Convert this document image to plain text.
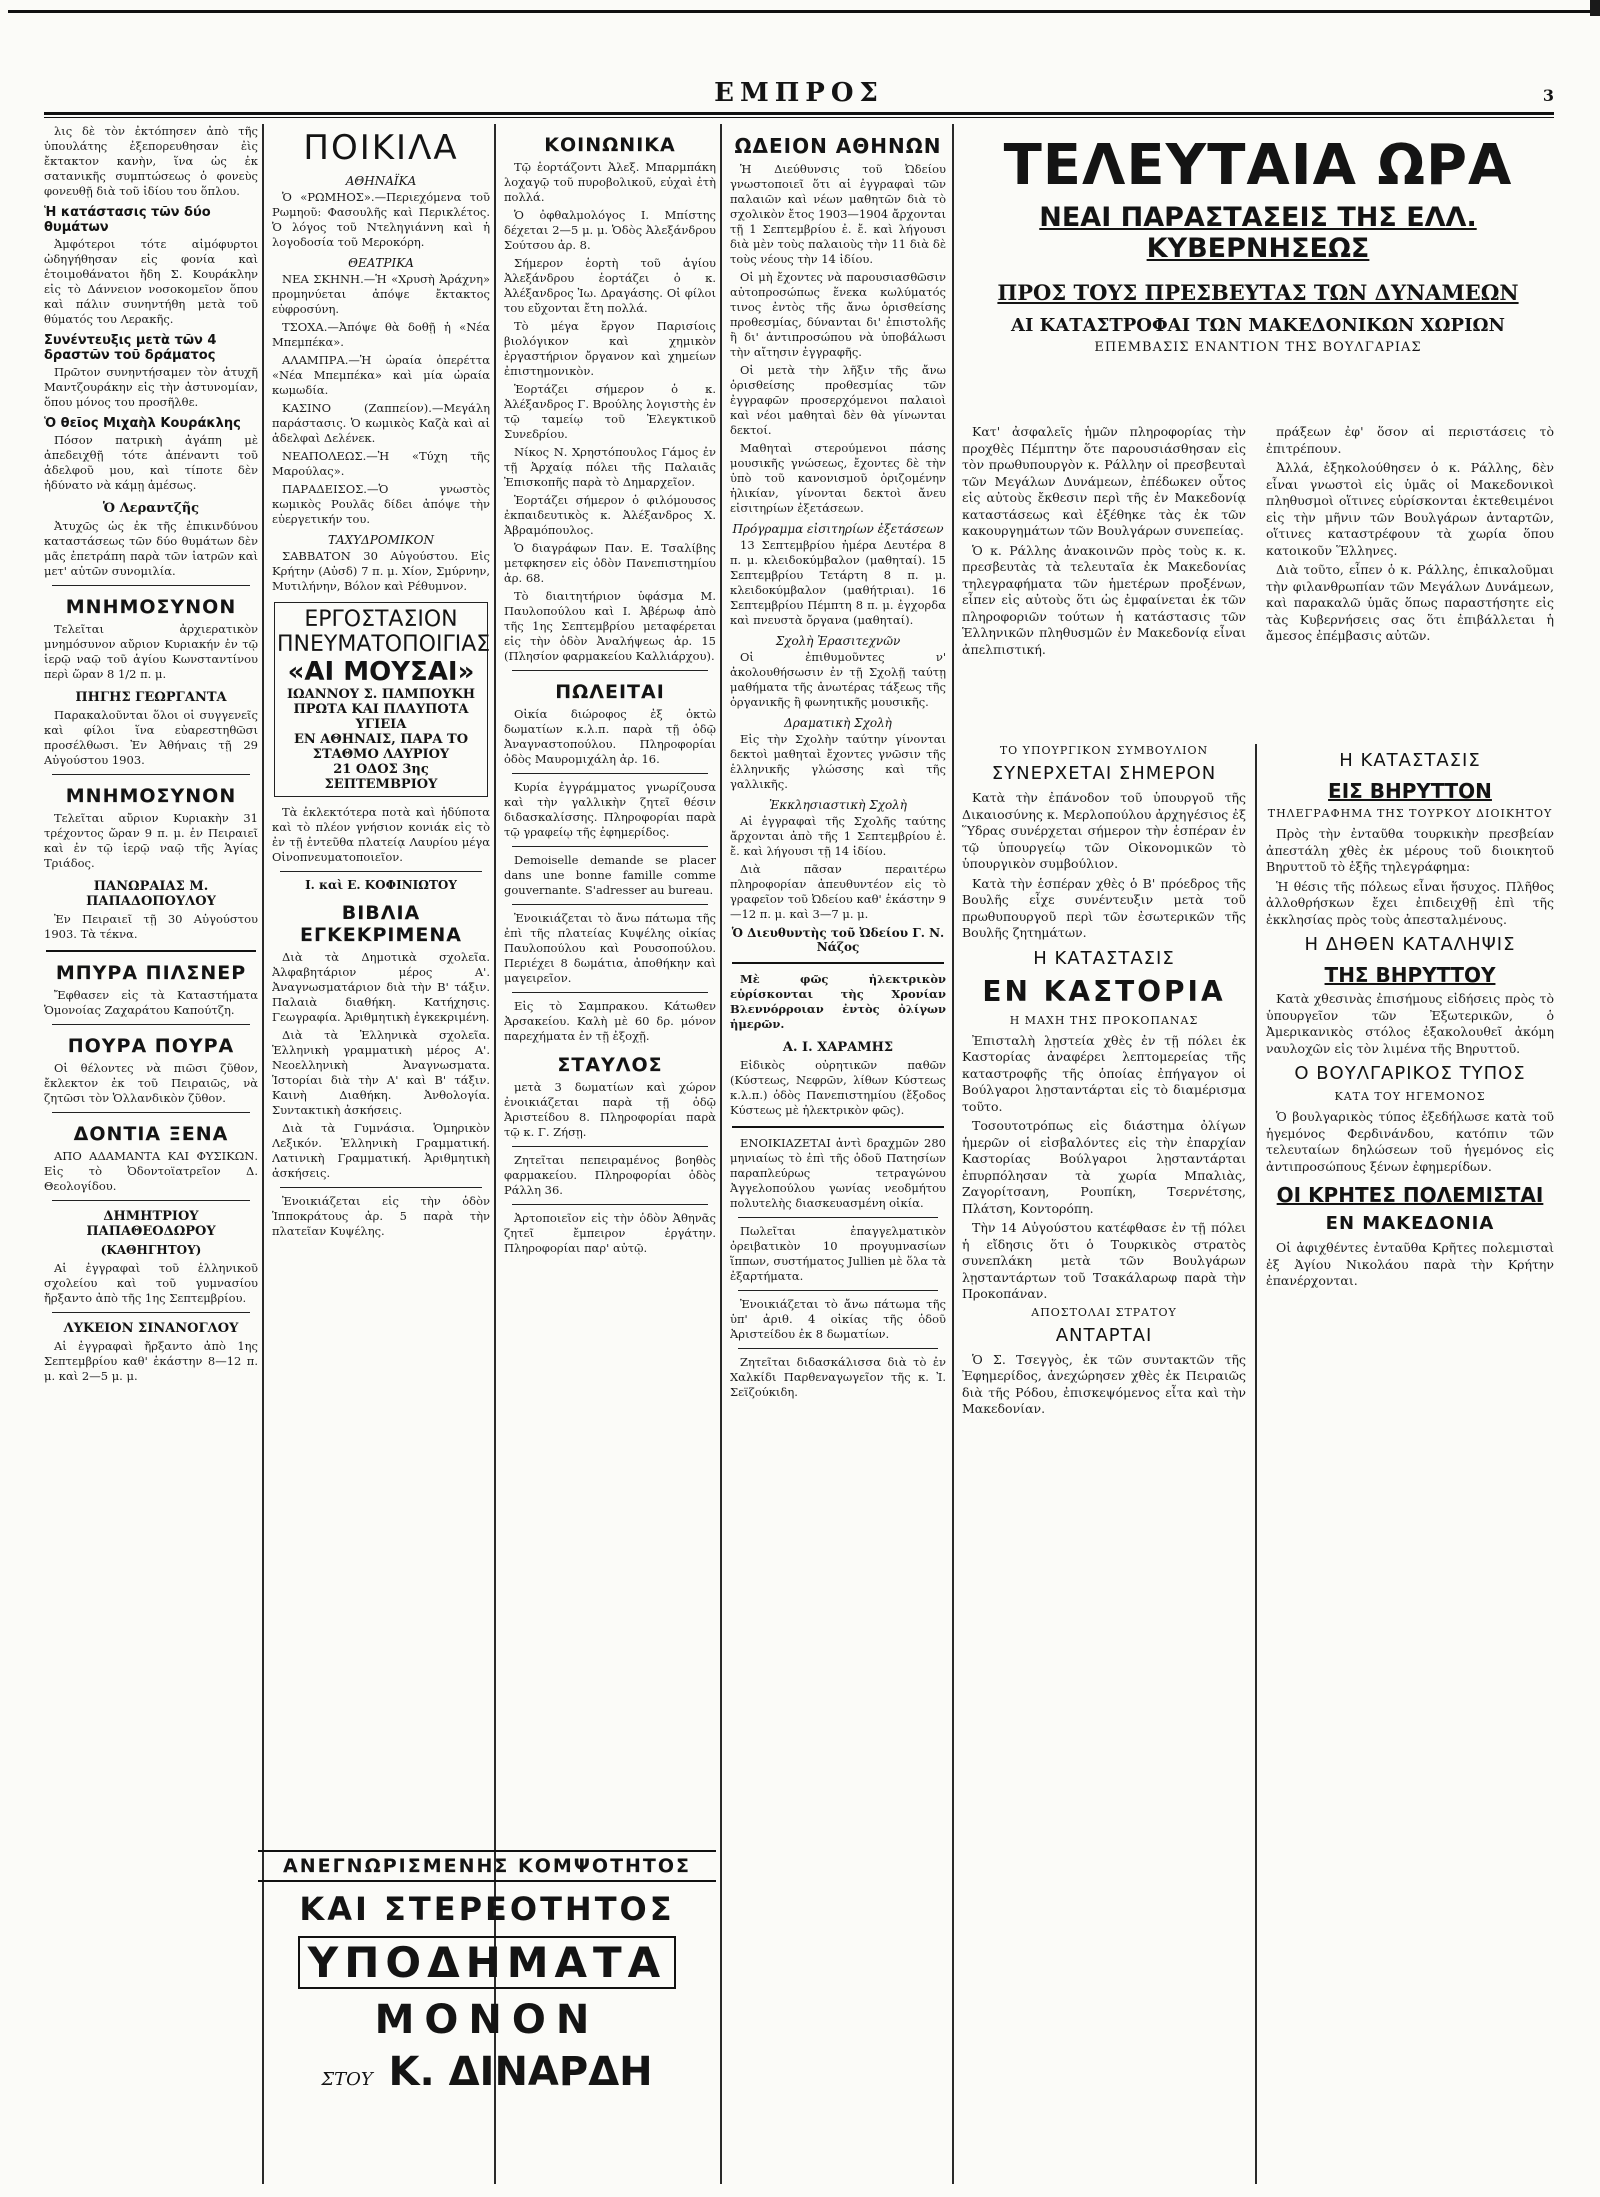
ΕΜΠΡΟΣ	3

λις δὲ τὸν ἐκτόπησεν ἀπὸ τῆς ὑπουλάτης ἐξεπορευθησαν ἐὶς ἔκτακτον κανὴν, ἵνα ὡς ἐκ σατανικῆς συμπτώσεως ὁ φονεὺς φονευθῇ διὰ τοῦ ἰδίου του ὅπλου.

Ἡ κατάστασις τῶν δύο θυμάτων

Ἀμφότεροι τότε αἱμόφυρτοι ὠδηγήθησαν εἰς φονία καὶ ἑτοιμοθάνατοι ἤδη Σ. Κουράκλην εἰς τὸ Δάννειον νοσοκομεῖον ὅπου καὶ πάλιν συνηντήθη μετὰ τοῦ θύματός του Λερακῆς.

Συνέντευξις μετὰ τῶν 4 δραστῶν τοῦ δράματος

Πρῶτον συνηντήσαμεν τὸν ἀτυχῆ Μαντζουράκην εἰς τὴν ἀστυνομίαν, ὅπου μόνος του προσῆλθε.

Ὁ θεῖος Μιχαὴλ Κουράκλης

Πόσον πατρικὴ ἀγάπη μὲ ἀπεδειχθῇ τότε ἀπέναντι τοῦ ἀδελφοῦ μου, καὶ τίποτε δὲν ἠδύνατο νὰ κάμῃ ἀμέσως.

Ὁ Λεραντζῆς

Ἀτυχῶς ὡς ἐκ τῆς ἐπικινδύνου καταστάσεως τῶν δύο θυμάτων δὲν μᾶς ἐπετράπη παρὰ τῶν ἰατρῶν καὶ μετ' αὐτῶν συνομιλία.

ΜΝΗΜΟΣΥΝΟΝ

Τελεῖται ἀρχιερατικὸν μνημόσυνον αὔριον Κυριακήν ἐν τῷ ἱερῷ ναῷ τοῦ ἁγίου Κωνσταντίνου περὶ ὥραν 8 1/2 π. μ.

ΠΗΓΗΣ ΓΕΩΡΓΑΝΤΑ

Παρακαλοῦνται ὅλοι οἱ συγγενεῖς καὶ φίλοι ἵνα εὐαρεστηθῶσι προσέλθωσι. Ἐν Ἀθήναις τῇ 29 Αὐγούστου 1903.

ΜΝΗΜΟΣΥΝΟΝ

Τελεῖται αὔριον Κυριακὴν 31 τρέχοντος ὥραν 9 π. μ. ἐν Πειραιεῖ καὶ ἐν τῷ ἱερῷ ναῷ τῆς Ἁγίας Τριάδος.

ΠΑΝΩΡΑΙΑΣ Μ. ΠΑΠΑΔΟΠΟΥΛΟΥ

Ἐν Πειραιεῖ τῇ 30 Αὐγούστου 1903. Τὰ τέκνα.

ΜΠΥΡΑ ΠΙΛΣΝΕΡ

Ἔφθασεν εἰς τὰ Καταστήματα Ὁμονοίας Ζαχαράτου Καπούτζη.

ΠΟΥΡΑ ΠΟΥΡΑ

Οἱ θέλοντες νὰ πιῶσι ζῦθον, ἔκλεκτον ἐκ τοῦ Πειραιῶς, νὰ ζητῶσι τὸν Ὁλλανδικὸν ζῦθον.

ΔΟΝΤΙΑ ΞΕΝΑ

ΑΠΟ ΑΔΑΜΑΝΤΑ ΚΑΙ ΦΥΣΙΚΩΝ. Εἰς τὸ Ὀδοντοϊατρεῖον Δ. Θεολογίδου.

ΔΗΜΗΤΡΙΟΥ ΠΑΠΑΘΕΟΔΩΡΟΥ
(ΚΑΘΗΓΗΤΟΥ)

Αἱ ἐγγραφαὶ τοῦ ἑλληνικοῦ σχολείου καὶ τοῦ γυμνασίου ἤρξαντο ἀπὸ τῆς 1ης Σεπτεμβρίου.

ΛΥΚΕΙΟΝ ΣΙΝΑΝΟΓΛΟΥ

Αἱ ἐγγραφαὶ ἤρξαντο ἀπὸ 1ης Σεπτεμβρίου καθ' ἑκάστην 8—12 π. μ. καὶ 2—5 μ. μ.

ΠΟΙΚΙΛΑ
ΑΘΗΝΑΪΚΑ

Ὁ «ΡΩΜΗΟΣ».—Περιεχόμενα τοῦ Ρωμηοῦ: Φασουλῆς καὶ Περικλέτος. Ὁ λόγος τοῦ Ντεληγιάννη καὶ ἡ λογοδοσία τοῦ Μεροκόρη.

ΘΕΑΤΡΙΚΑ

ΝΕΑ ΣΚΗΝΗ.—Ἡ «Χρυσὴ Ἀράχνη» προμηνύεται ἀπόψε ἔκτακτος εὐφροσύνη.

ΤΣΟΧΑ.—Ἀπόψε θὰ δοθῇ ἡ «Νέα Μπεμπέκα».

ΑΛΑΜΠΡΑ.—Ἡ ὡραία ὀπερέττα «Νέα Μπεμπέκα» καὶ μία ὡραία κωμωδία.

ΚΑΣΙΝΟ (Ζαππείον).—Μεγάλη παράστασις. Ὁ κωμικὸς Καζὰ καὶ αἱ ἀδελφαὶ Δελένεκ.

ΝΕΑΠΟΛΕΩΣ.—Ἡ «Τύχη τῆς Μαρούλας».

ΠΑΡΑΔΕΙΣΟΣ.—Ὁ γνωστὸς κωμικὸς Ρουλᾶς δίδει ἀπόψε τὴν εὐεργετικήν του.

ΤΑΧΥΔΡΟΜΙΚΟΝ

ΣΑΒΒΑΤΟΝ 30 Αὐγούστου. Εἰς Κρήτην (Αὐσδ) 7 π. μ. Χίον, Σμύρνην, Μυτιλήνην, Βόλον καὶ Ρέθυμνον.

ΕΡΓΟΣΤΑΣΙΟΝ
ΠΝΕΥΜΑΤΟΠΟΙΓΙΑΣ
«ΑΙ ΜΟΥΣΑΙ»
ΙΩΑΝΝΟΥ Σ. ΠΑΜΠΟΥΚΗ
ΠΡΩΤΑ ΚΑΙ ΠΛΑΥΠΟΤΑ ΥΓΙΕΙΑ
ΕΝ ΑΘΗΝΑΙΣ, ΠΑΡΑ ΤΟ ΣΤΑΘΜΟ ΛΑΥΡΙΟΥ
21 ΟΔΟΣ 3ης ΣΕΠΤΕΜΒΡΙΟΥ

Τὰ ἐκλεκτότερα ποτὰ καὶ ἡδύποτα καὶ τὸ πλέον γνήσιον κονιάκ εἰς τὸ ἐν τῇ ἐντεῦθα πλατείᾳ Λαυρίου μέγα Οἰνοπνευματοποιεῖον.

I. καὶ Ε. ΚΟΦΙΝΙΩΤΟΥ
ΒΙΒΛΙΑ ΕΓΚΕΚΡΙΜΕΝΑ

Διὰ τὰ Δημοτικὰ σχολεῖα. Ἀλφαβητάριον μέρος Α'. Ἀναγνωσματάριον διὰ τὴν Β' τάξιν. Παλαιὰ διαθήκη. Κατήχησις. Γεωγραφία. Ἀριθμητικὴ ἐγκεκριμένη.

Διὰ τὰ Ἑλληνικὰ σχολεῖα. Ἑλληνικὴ γραμματικὴ μέρος Α'. Νεοελληνικὴ Ἀναγνωσματα. Ἱστορίαι διὰ τὴν Α' καὶ Β' τάξιν. Καινὴ Διαθήκη. Ἀνθολογία. Συντακτικὴ ἀσκήσεις.

Διὰ τὰ Γυμνάσια. Ὁμηρικὸν Λεξικόν. Ἑλληνικὴ Γραμματική. Λατινικὴ Γραμματική. Ἀριθμητικὴ ἀσκήσεις.

Ἐνοικιάζεται εἰς τὴν ὁδὸν Ἱπποκράτους ἀρ. 5 παρὰ τὴν πλατεῖαν Κυψέλης.

ΚΟΙΝΩΝΙΚΑ

Τῷ ἑορτάζοντι Ἀλεξ. Μπαρμπάκη λοχαγῷ τοῦ πυροβολικοῦ, εὐχαὶ ἐτὴ πολλά.

Ὁ ὀφθαλμολόγος I. Μπίστης δέχεται 2—5 μ. μ. Ὁδὸς Ἀλεξάνδρου Σούτσου ἀρ. 8.

Σήμερον ἑορτὴ τοῦ ἁγίου Ἀλεξάνδρου ἑορτάζει ὁ κ. Ἀλέξανδρος Ἰω. Δραγάσης. Οἱ φίλοι του εὔχονται ἔτη πολλά.

Τὸ μέγα ἔργον Παρισίοις βιολόγικον καὶ χημικὸν ἐργαστήριον ὄργανον καὶ χημείων ἐπιστημονικὸν.

Ἑορτάζει σήμερον ὁ κ. Ἀλέξανδρος Γ. Βρούλης λογιστὴς ἐν τῷ ταμείῳ τοῦ Ἐλεγκτικοῦ Συνεδρίου.

Νίκος Ν. Χρηστόπουλος Γάμος ἐν τῇ Ἀρχαίᾳ πόλει τῆς Παλαιᾶς Ἐπισκοπῆς παρὰ τὸ Δημαρχεῖον.

Ἑορτάζει σήμερον ὁ φιλόμουσος ἐκπαιδευτικὸς κ. Ἀλέξανδρος Χ. Ἀβραμόπουλος.

Ὁ διαγράφων Παν. Ε. Τσαλίβης μετφκησεν εἰς ὀδὸν Πανεπιστημίου ἀρ. 68.

Τὸ διαιτητήριον ὑφάσμα Μ. Παυλοπούλου καὶ I. Ἀβέρωφ ἀπὸ τῆς 1ης Σεπτεμβρίου μεταφέρεται εἰς τὴν ὁδὸν Ἀναλήψεως ἀρ. 15 (Πλησίον φαρμακείου Καλλιάρχου).

ΠΩΛΕΙΤΑΙ

Οἰκία διώροφος ἐξ ὀκτὼ δωματίων κ.λ.π. παρὰ τῇ ὁδῷ Ἀναγναστοπούλου. Πληροφορίαι ὁδὸς Μαυρομιχάλη ἀρ. 16.

Κυρία ἐγγράμματος γνωρίζουσα καὶ τὴν γαλλικὴν ζητεῖ θέσιν διδασκαλίσσης. Πληροφορίαι παρὰ τῷ γραφείῳ τῆς ἐφημερίδος.

Demoiselle demande se placer dans une bonne famille comme gouvernante. S'adresser au bureau.

Ἐνοικιάζεται τὸ ἄνω πάτωμα τῆς ἐπὶ τῆς πλατείας Κυψέλης οἰκίας Παυλοπούλου καὶ Ρουσοπούλου. Περιέχει 8 δωμάτια, ἀποθήκην καὶ μαγειρεῖον.

Εἰς τὸ Σαμπρακου. Κάτωθεν Ἀρσακείου. Καλὴ μὲ 60 δρ. μόνον παρεχήματα ἐν τῇ ἐξοχῇ.

ΣΤΑΥΛΟΣ

μετὰ 3 δωματίων καὶ χώρον ἐνοικιάζεται παρὰ τῇ ὁδῷ Ἀριστείδου 8. Πληροφορίαι παρὰ τῷ κ. Γ. Ζήσῃ.

Ζητεῖται πεπειραμένος βοηθὸς φαρμακείου. Πληροφορίαι ὁδὸς Ράλλη 36.

Ἀρτοποιεῖον εἰς τὴν ὁδὸν Ἀθηνᾶς ζητεῖ ἔμπειρον ἐργάτην. Πληροφορίαι παρ' αὐτῷ.

ΩΔΕΙΟΝ ΑΘΗΝΩΝ

Ἡ Διεύθυνσις τοῦ Ὠδείου γνωστοποιεῖ ὅτι αἱ ἐγγραφαὶ τῶν παλαιῶν καὶ νέων μαθητῶν διὰ τὸ σχολικὸν ἔτος 1903—1904 ἄρχονται τῇ 1 Σεπτεμβρίου ἐ. ἔ. καὶ λήγουσι διὰ μὲν τοὺς παλαιοὺς τὴν 11 διὰ δὲ τοὺς νέους τὴν 14 ἰδίου.

Οἱ μὴ ἔχοντες νὰ παρουσιασθῶσιν αὐτοπροσώπως ἕνεκα κωλύματός τινος ἐντὸς τῆς ἄνω ὁρισθείσης προθεσμίας, δύνανται δι' ἐπιστολῆς ἢ δι' ἀντιπροσώπου νὰ ὑποβάλωσι τὴν αἴτησιν ἐγγραφῆς.

Οἱ μετὰ τὴν λῆξιν τῆς ἄνω ὁρισθείσης προθεσμίας τῶν ἐγγραφῶν προσερχόμενοι παλαιοὶ καὶ νέοι μαθηταὶ δὲν θὰ γίνωνται δεκτοί.

Μαθηταὶ στερούμενοι πάσης μουσικῆς γνώσεως, ἔχοντες δὲ τὴν ὑπὸ τοῦ κανονισμοῦ ὀριζομένην ἡλικίαν, γίνονται δεκτοὶ ἄνευ εἰσιτηρίων ἐξετάσεων.

Πρόγραμμα εἰσιτηρίων ἐξετάσεων

13 Σεπτεμβρίου ἡμέρα Δευτέρα 8 π. μ. κλειδοκύμβαλον (μαθηταί). 15 Σεπτεμβρίου Τετάρτη 8 π. μ. κλειδοκύμβαλον (μαθήτριαι). 16 Σεπτεμβρίου Πέμπτη 8 π. μ. ἐγχορδα καὶ πνευστὰ ὄργανα (μαθηταί).

Σχολὴ Ἐρασιτεχνῶν

Οἱ ἐπιθυμοῦντες ν' ἀκολουθήσωσιν ἐν τῇ Σχολῇ ταύτῃ μαθήματα τῆς ἀνωτέρας τάξεως τῆς ὀργανικῆς ἢ φωνητικῆς μουσικῆς.

Δραματικὴ Σχολὴ

Εἰς τὴν Σχολὴν ταύτην γίνονται δεκτοὶ μαθηταὶ ἔχοντες γνῶσιν τῆς ἑλληνικῆς γλώσσης καὶ τῆς γαλλικῆς.

Ἐκκλησιαστικὴ Σχολὴ

Αἱ ἐγγραφαὶ τῆς Σχολῆς ταύτης ἄρχονται ἀπὸ τῆς 1 Σεπτεμβρίου ἐ. ἔ. καὶ λήγουσι τῇ 14 ἰδίου.

Διὰ πᾶσαν περαιτέρω πληροφορίαν ἀπευθυντέον εἰς τὸ γραφεῖον τοῦ Ὠδείου καθ' ἑκάστην 9—12 π. μ. καὶ 3—7 μ. μ.

Ὁ Διευθυντὴς τοῦ Ὠδείου Γ. Ν. Νάζος

Μὲ φῶς ἠλεκτρικὸν εὑρίσκονται τὴς Χρονίαν Βλεννόρροιαν ἐντὸς ὀλίγων ἡμερῶν.

Α. Ι. ΧΑΡΑΜΗΣ

Εἰδικὸς οὐρητικῶν παθῶν (Κύστεως, Νεφρῶν, λίθων Κύστεως κ.λ.π.) ὁδὸς Πανεπιστημίου (ἔξοδος Κύστεως μὲ ἠλεκτρικὸν φῶς).

ΕΝΟΙΚΙΑΖΕΤΑΙ ἀντὶ δραχμῶν 280 μηνιαίως τὸ ἐπὶ τῆς ὁδοῦ Πατησίων παραπλεύρως τετραγώνου Ἀγγελοπούλου γωνίας νεοδμήτου πολυτελὴς διασκευασμένη οἰκία.

Πωλεῖται ἐπαγγελματικὸν ὀρειβατικὸν 10 προγυμνασίων ἵππων, συστήματος Jullien μὲ ὅλα τὰ ἐξαρτήματα.

Ἐνοικιάζεται τὸ ἄνω πάτωμα τῆς ὑπ' ἀριθ. 4 οἰκίας τῆς ὁδοῦ Ἀριστείδου ἐκ 8 δωματίων.

Ζητεῖται διδασκάλισσα διὰ τὸ ἐν Χαλκίδι Παρθεναγωγεῖον τῆς κ. Ἰ. Σεϊζούκιδη.

ΤΕΛΕΥΤΑΙΑ ΩΡΑ
ΝΕΑΙ ΠΑΡΑΣΤΑΣΕΙΣ ΤΗΣ ΕΛΛ. ΚΥΒΕΡΝΗΣΕΩΣ
ΠΡΟΣ ΤΟΥΣ ΠΡΕΣΒΕΥΤΑΣ ΤΩΝ ΔΥΝΑΜΕΩΝ
ΑΙ ΚΑΤΑΣΤΡΟΦΑΙ ΤΩΝ ΜΑΚΕΔΟΝΙΚΩΝ ΧΩΡΙΩΝ
ΕΠΕΜΒΑΣΙΣ ΕΝΑΝΤΙΟΝ ΤΗΣ ΒΟΥΛΓΑΡΙΑΣ

Κατ' ἀσφαλεῖς ἡμῶν πληροφορίας τὴν προχθὲς Πέμπτην ὅτε παρουσιάσθησαν εἰς τὸν πρωθυπουργὸν κ. Ράλλην οἱ πρεσβευταὶ τῶν Μεγάλων Δυνάμεων, ἐπέδωκεν οὗτος εἰς αὐτοὺς ἔκθεσιν περὶ τῆς ἐν Μακεδονίᾳ καταστάσεως καὶ ἐξέθηκε τὰς ἐκ τῶν κακουργημάτων τῶν Βουλγάρων συνεπείας.

Ὁ κ. Ράλλης ἀνακοινῶν πρὸς τοὺς κ. κ. πρεσβευτὰς τὰ τελευταῖα ἐκ Μακεδονίας τηλεγραφήματα τῶν ἡμετέρων προξένων, εἶπεν εἰς αὐτοὺς ὅτι ὡς ἐμφαίνεται ἐκ τῶν πληροφοριῶν τούτων ἡ κατάστασις τῶν Ἑλληνικῶν πληθυσμῶν ἐν Μακεδονίᾳ εἶναι ἀπελπιστική.

πράξεων ἐφ' ὅσον αἱ περιστάσεις τὸ ἐπιτρέπουν.

Ἀλλά, ἐξηκολούθησεν ὁ κ. Ράλλης, δὲν εἶναι γνωστοὶ εἰς ὑμᾶς οἱ Μακεδονικοὶ πληθυσμοὶ οἵτινες εὑρίσκονται ἐκτεθειμένοι εἰς τὴν μῆνιν τῶν Βουλγάρων ἀνταρτῶν, οἵτινες καταστρέφουν τὰ χωρία ὅπου κατοικοῦν Ἕλληνες.

Διὰ τοῦτο, εἶπεν ὁ κ. Ράλλης, ἐπικαλοῦμαι τὴν φιλανθρωπίαν τῶν Μεγάλων Δυνάμεων, καὶ παρακαλῶ ὑμᾶς ὅπως παραστήσητε εἰς τὰς Κυβερνήσεις σας ὅτι ἐπιβάλλεται ἡ ἄμεσος ἐπέμβασις αὐτῶν.

ΤΟ ΥΠΟΥΡΓΙΚΟΝ ΣΥΜΒΟΥΛΙΟΝ
ΣΥΝΕΡΧΕΤΑΙ ΣΗΜΕΡΟΝ

Κατὰ τὴν ἐπάνοδον τοῦ ὑπουργοῦ τῆς Δικαιοσύνης κ. Μερλοπούλου ἀρχηγέσιος ἐξ Ὕδρας συνέρχεται σήμερον τὴν ἑσπέραν ἐν τῷ ὑπουργείῳ τῶν Οἰκονομικῶν τὸ ὑπουργικὸν συμβούλιον.

Κατὰ τὴν ἑσπέραν χθὲς ὁ Β' πρόεδρος τῆς Βουλῆς εἶχε συνέντευξιν μετὰ τοῦ πρωθυπουργοῦ περὶ τῶν ἐσωτερικῶν τῆς Βουλῆς ζητημάτων.

Η ΚΑΤΑΣΤΑΣΙΣ
ΕΝ ΚΑΣΤΟΡΙΑ
Η ΜΑΧΗ ΤΗΣ ΠΡΟΚΟΠΑΝΑΣ

Ἐπισταλὴ λῃστεία χθὲς ἐν τῇ πόλει ἐκ Καστορίας ἀναφέρει λεπτομερείας τῆς καταστροφῆς τῆς ὁποίας ἐπήγαγον οἱ Βούλγαροι λῃσταντάρται εἰς τὸ διαμέρισμα τοῦτο.

Τοσουτοτρόπως εἰς διάστημα ὀλίγων ἡμερῶν οἱ εἰσβαλόντες εἰς τὴν ἐπαρχίαν Καστορίας Βούλγαροι λῃσταντάρται ἐπυρπόλησαν τὰ χωρία Μπαλιὰς, Ζαγορίτσανη, Ρουπίκη, Τσερνέτσης, Πλάτση, Κοντορόπη.

Τὴν 14 Αὐγούστου κατέφθασε ἐν τῇ πόλει ἡ εἴδησις ὅτι ὁ Τουρκικὸς στρατὸς συνεπλάκη μετὰ τῶν Βουλγάρων λῃσταντάρτων τοῦ Τσακάλαρωφ παρὰ τὴν Προκοπάναν.

ΑΠΟΣΤΟΛΑΙ ΣΤΡΑΤΟΥ
ΑΝΤΑΡΤΑΙ

Ὁ Σ. Τσεγγὸς, ἐκ τῶν συντακτῶν τῆς Ἐφημερίδος, ἀνεχώρησεν χθὲς ἐκ Πειραιῶς διὰ τῆς Ρόδου, ἐπισκεψόμενος εἶτα καὶ τὴν Μακεδονίαν.

Η ΚΑΤΑΣΤΑΣΙΣ
ΕΙΣ ΒΗΡΥΤΤΟΝ
ΤΗΛΕΓΡΑΦΗΜΑ ΤΗΣ ΤΟΥΡΚΟΥ ΔΙΟΙΚΗΤΟΥ

Πρὸς τὴν ἐνταῦθα τουρκικὴν πρεσβείαν ἀπεστάλη χθὲς ἐκ μέρους τοῦ διοικητοῦ Βηρυττοῦ τὸ ἑξῆς τηλεγράφημα:

Ἡ θέσις τῆς πόλεως εἶναι ἥσυχος. Πλῆθος ἀλλοθρήσκων ἔχει ἐπιδειχθῇ ἐπὶ τῆς ἐκκλησίας πρὸς τοὺς ἀπεσταλμένους.

Η ΔΗΘΕΝ ΚΑΤΑΛΗΨΙΣ
ΤΗΣ ΒΗΡΥΤΤΟΥ

Κατὰ χθεσινὰς ἐπισήμους εἰδήσεις πρὸς τὸ ὑπουργεῖον τῶν Ἐξωτερικῶν, ὁ Ἀμερικανικὸς στόλος ἐξακολουθεῖ ἀκόμη ναυλοχῶν εἰς τὸν λιμένα τῆς Βηρυττοῦ.

Ο ΒΟΥΛΓΑΡΙΚΟΣ ΤΥΠΟΣ
ΚΑΤΑ ΤΟΥ ΗΓΕΜΟΝΟΣ

Ὁ βουλγαρικὸς τύπος ἐξεδήλωσε κατὰ τοῦ ἡγεμόνος Φερδινάνδου, κατόπιν τῶν τελευταίων δηλώσεων τοῦ ἡγεμόνος εἰς ἀντιπροσώπους ξένων ἐφημερίδων.

ΟΙ ΚΡΗΤΕΣ ΠΟΛΕΜΙΣΤΑΙ
ΕΝ ΜΑΚΕΔΟΝΙΑ

Οἱ ἀφιχθέντες ἐνταῦθα Κρῆτες πολεμισταὶ ἐξ Ἀγίου Νικολάου παρὰ τὴν Κρήτην ἐπανέρχονται.

ΑΝΕΓΝΩΡΙΣΜΕΝΗΣ ΚΟΜΨΟΤΗΤΟΣ
ΚΑΙ ΣΤΕΡΕΟΤΗΤΟΣ
ΥΠΟΔΗΜΑΤΑ
ΜΟΝΟΝ
ΣΤΟΥ Κ. ΔΙΝΑΡΔΗ
